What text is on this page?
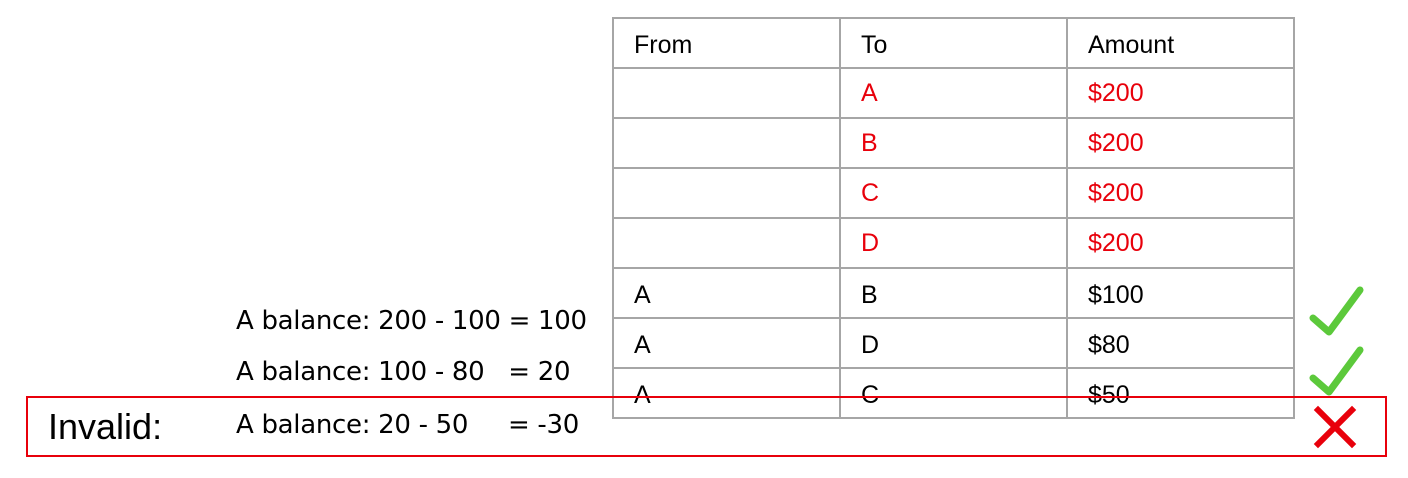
From	To	Amount
	A	$200
	B	$200
	C	$200
	D	$200
A	B	$100
A	D	$80
A	C	$50
A balance: 200 - 100 = 100
A balance: 100 - 80   = 20
A balance: 20 - 50     = -30
Invalid:
